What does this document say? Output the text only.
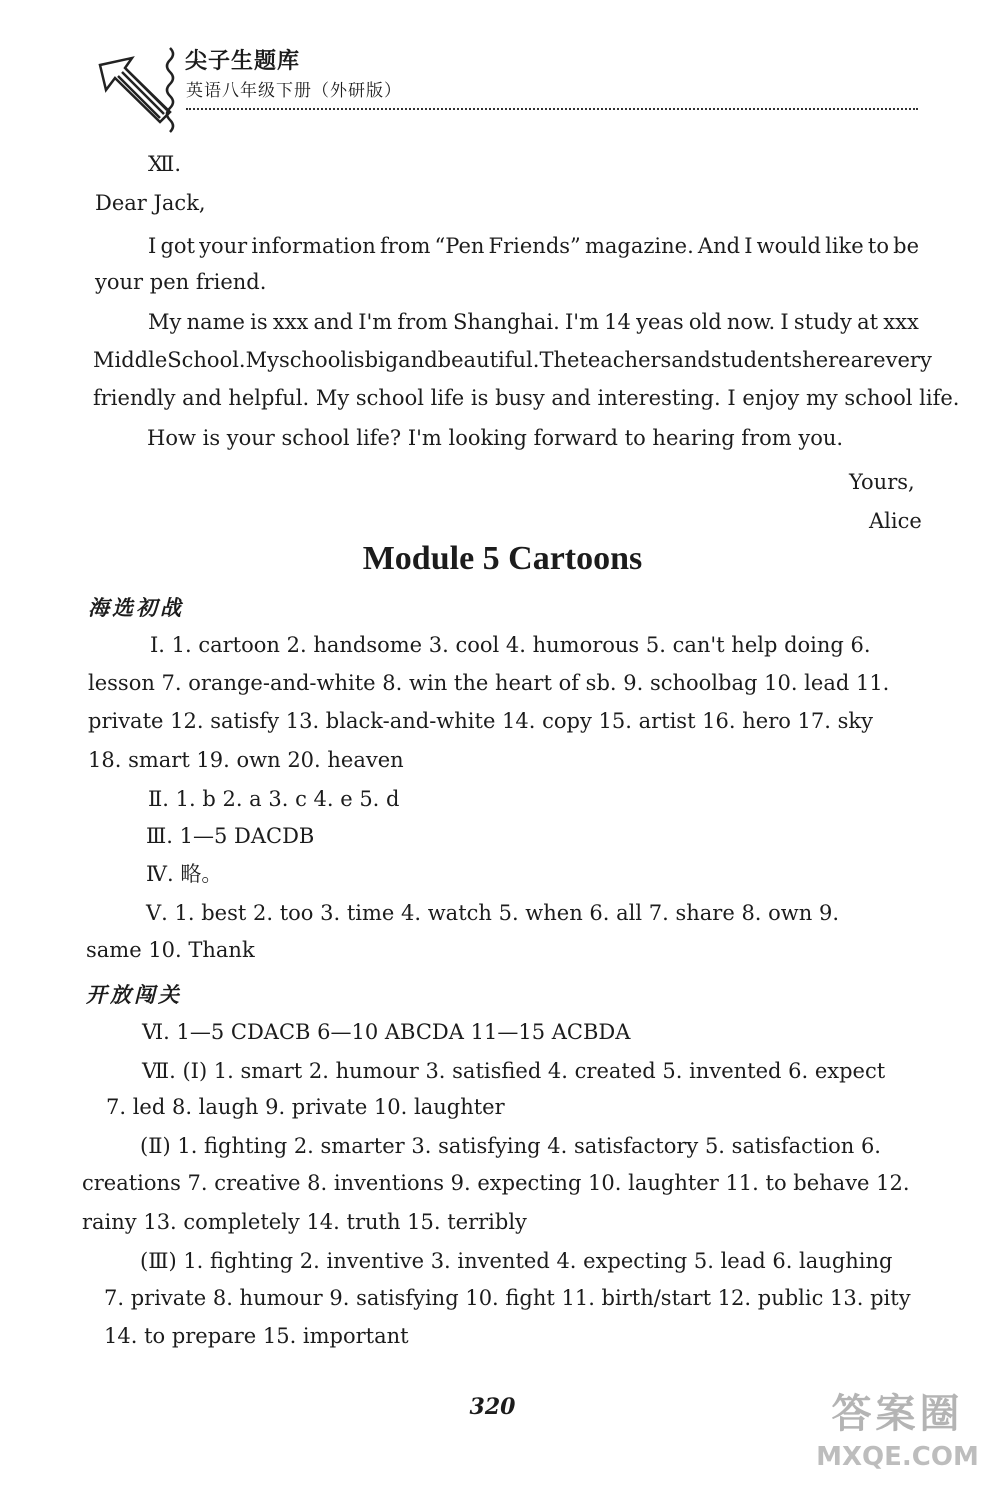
尖子生题库
英语八年级下册（外研版）
Ⅻ.
Dear Jack,
I got your information from “Pen Friends” magazine. And I would like to be
your pen friend.
My name is xxx and I'm from Shanghai. I'm 14 yeas old now. I study at xxx
Middle School. My school is big and beautiful. The teachers and students here are very
friendly and helpful. My school life is busy and interesting. I enjoy my school life.
How is your school life? I'm looking forward to hearing from you.
Yours,
Alice
Module 5 Cartoons
海选初战
Ⅰ. 1. cartoon 2. handsome 3. cool 4. humorous 5. can't help doing 6.
lesson 7. orange-and-white 8. win the heart of sb. 9. schoolbag 10. lead 11.
private 12. satisfy 13. black-and-white 14. copy 15. artist 16. hero 17. sky
18. smart 19. own 20. heaven
Ⅱ. 1. b 2. a 3. c 4. e 5. d
Ⅲ. 1—5 DACDB
Ⅳ. 略。
Ⅴ. 1. best 2. too 3. time 4. watch 5. when 6. all 7. share 8. own 9.
same 10. Thank
开放闯关
Ⅵ. 1—5 CDACB 6—10 ABCDA 11—15 ACBDA
Ⅶ. (Ⅰ) 1. smart 2. humour 3. satisfied 4. created 5. invented 6. expect
7. led 8. laugh 9. private 10. laughter
(Ⅱ) 1. fighting 2. smarter 3. satisfying 4. satisfactory 5. satisfaction 6.
creations 7. creative 8. inventions 9. expecting 10. laughter 11. to behave 12.
rainy 13. completely 14. truth 15. terribly
(Ⅲ) 1. fighting 2. inventive 3. invented 4. expecting 5. lead 6. laughing
7. private 8. humour 9. satisfying 10. fight 11. birth/start 12. public 13. pity
14. to prepare 15. important
320	答案圈
MXQE.COM
